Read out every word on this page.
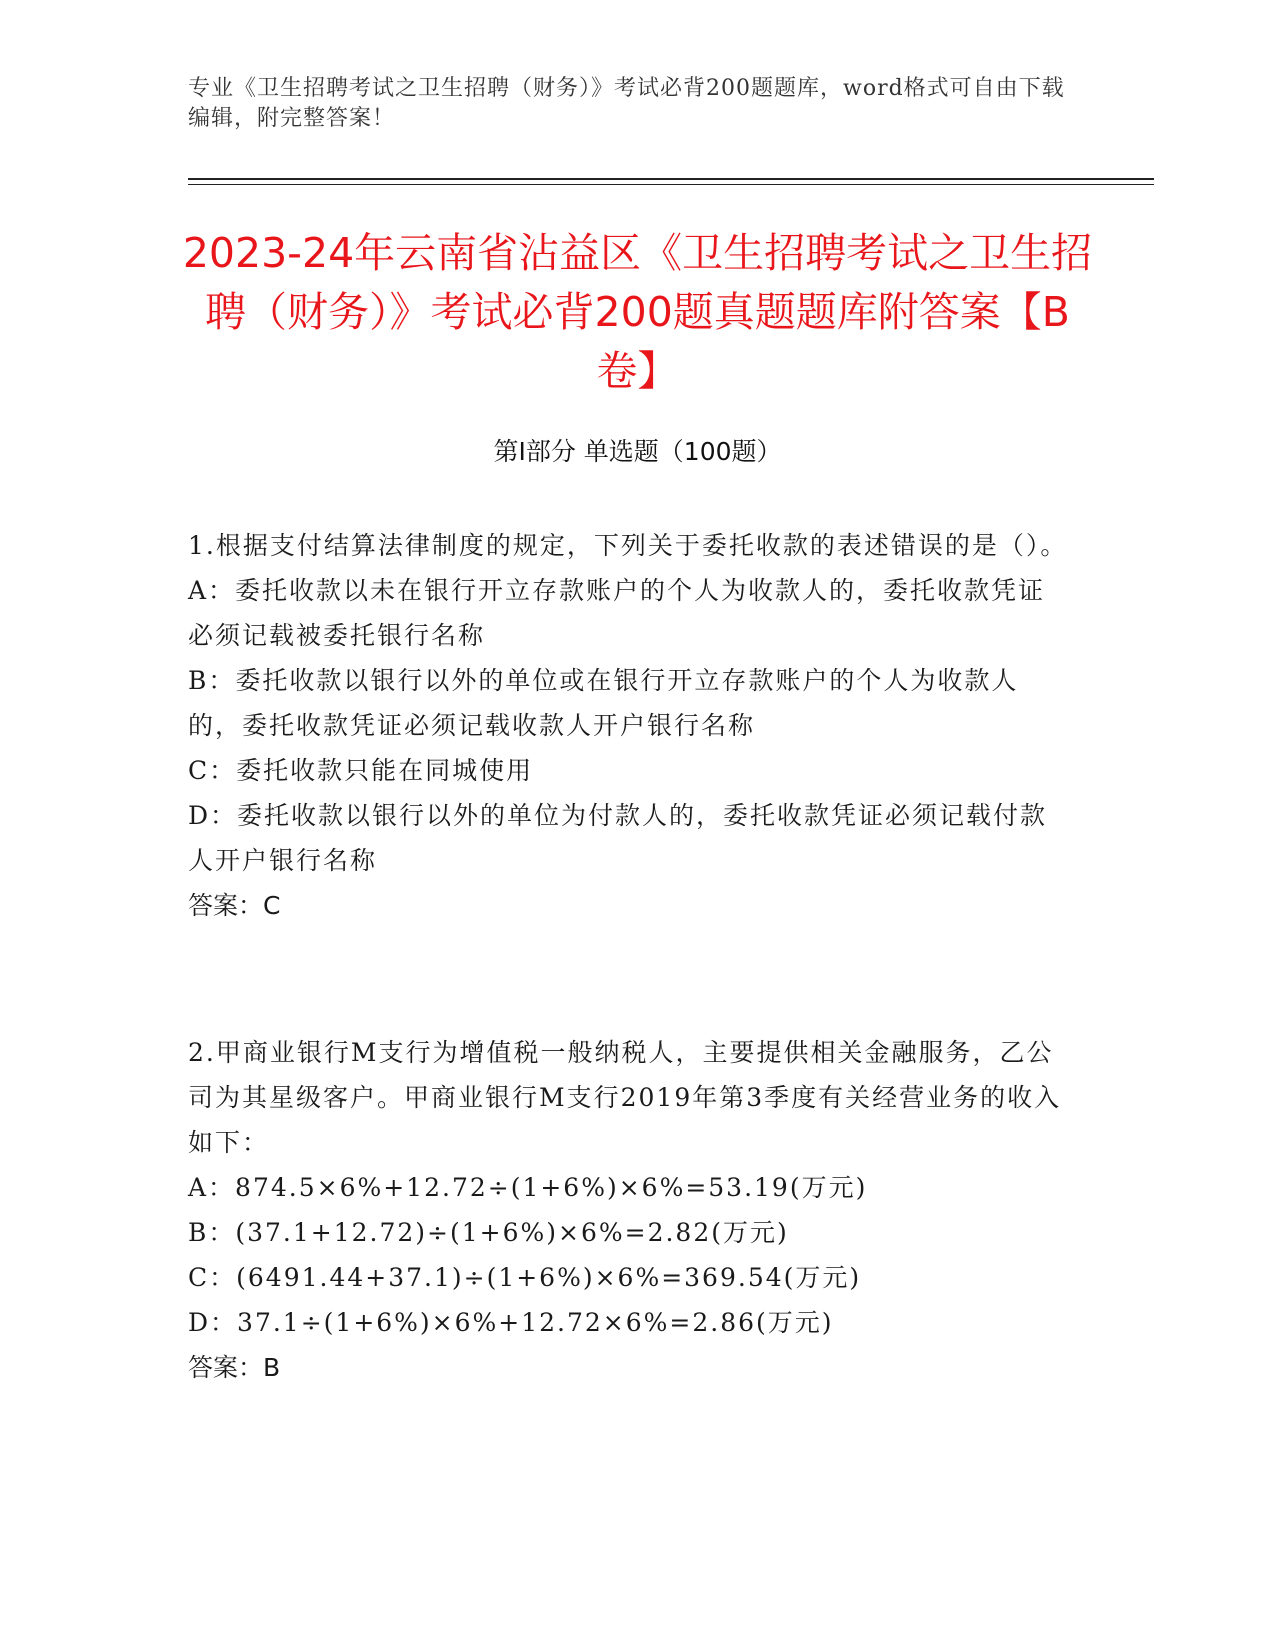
专业《卫生招聘考试之卫生招聘（财务）》考试必背200题题库，word格式可自由下载编辑，附完整答案！
2023-24年云南省沾益区《卫生招聘考试之卫生招聘（财务）》考试必背200题真题题库附答案【B卷】
第Ⅰ部分 单选题（100题）

1.根据支付结算法律制度的规定，下列关于委托收款的表述错误的是（）。

A：委托收款以未在银行开立存款账户的个人为收款人的，委托收款凭证必须记载被委托银行名称

B：委托收款以银行以外的单位或在银行开立存款账户的个人为收款人的，委托收款凭证必须记载收款人开户银行名称

C：委托收款只能在同城使用

D：委托收款以银行以外的单位为付款人的，委托收款凭证必须记载付款人开户银行名称

答案：C

2.甲商业银行M支行为增值税一般纳税人，主要提供相关金融服务，乙公司为其星级客户。甲商业银行M支行2019年第3季度有关经营业务的收入如下：

A：874.5×6%+12.72÷(1+6%)×6%=53.19(万元)

B：(37.1+12.72)÷(1+6%)×6%=2.82(万元)

C：(6491.44+37.1)÷(1+6%)×6%=369.54(万元)

D：37.1÷(1+6%)×6%+12.72×6%=2.86(万元)

答案：B
